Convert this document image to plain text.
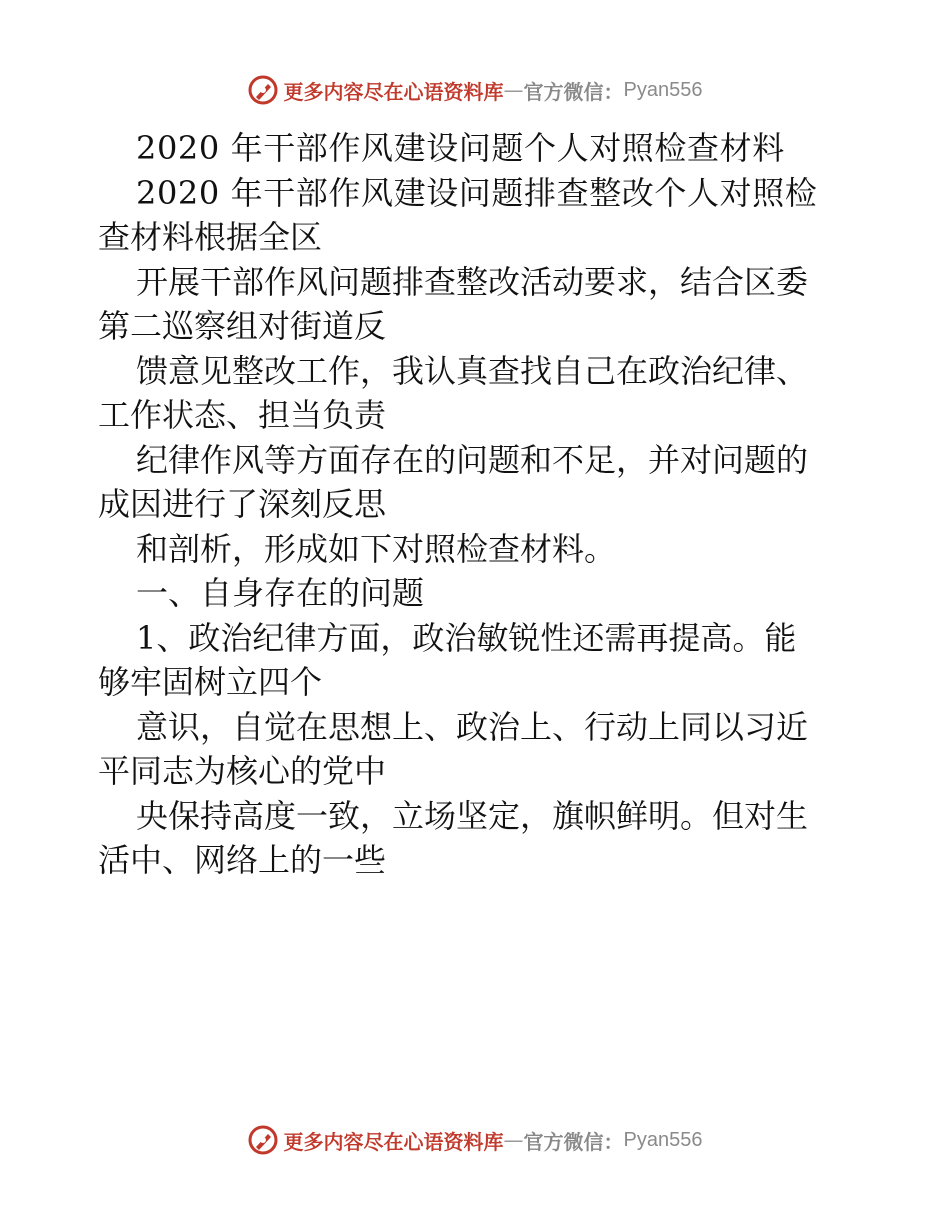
更多内容尽在心语资料库 — 官方微信： Pyan556
2020 年干部作风建设问题个人对照检查材料
2020 年干部作风建设问题排查整改个人对照检
查材料根据全区
开展干部作风问题排查整改活动要求，结合区委
第二巡察组对街道反
馈意见整改工作，我认真查找自己在政治纪律、
工作状态、担当负责
纪律作风等方面存在的问题和不足，并对问题的
成因进行了深刻反思
和剖析，形成如下对照检查材料。
一、自身存在的问题
1、政治纪律方面，政治敏锐性还需再提高。能
够牢固树立四个
意识，自觉在思想上、政治上、行动上同以习近
平同志为核心的党中
央保持高度一致，立场坚定，旗帜鲜明。但对生
活中、网络上的一些
更多内容尽在心语资料库 — 官方微信： Pyan556
